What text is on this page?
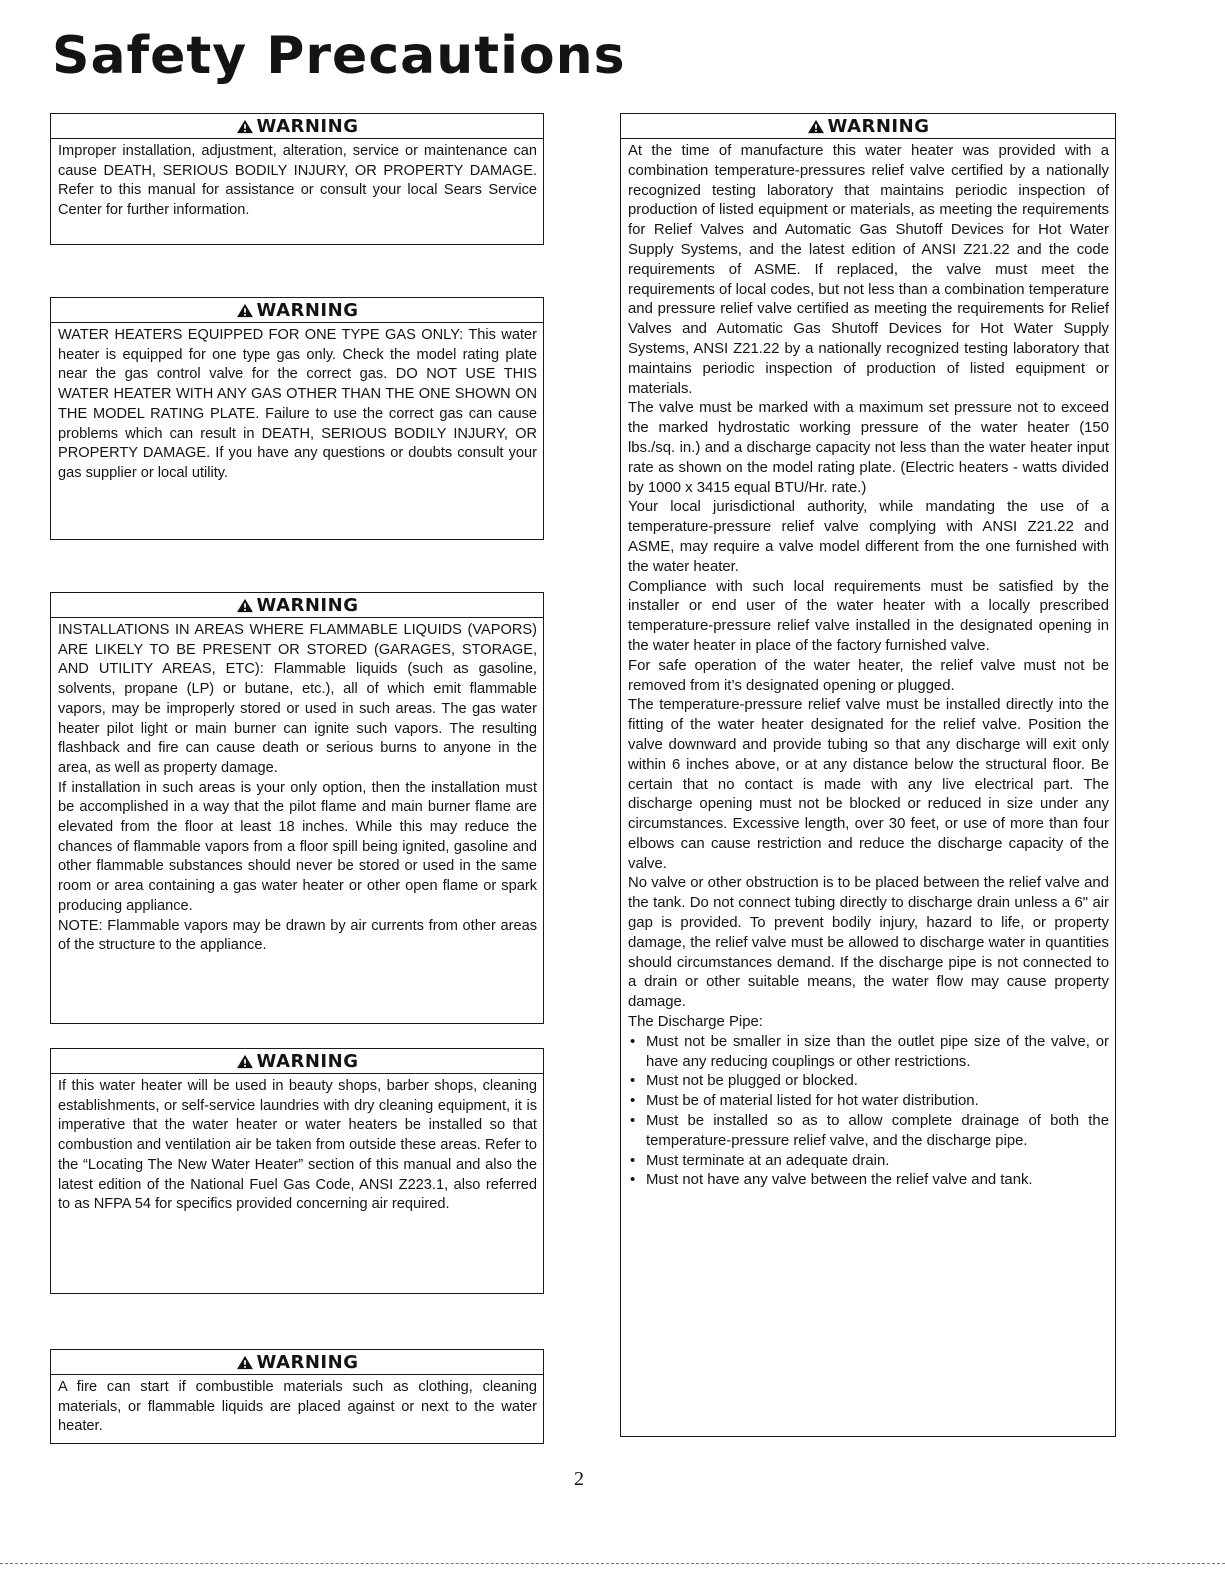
Safety Precautions
WARNING

Improper installation, adjustment, alteration, service or maintenance can cause DEATH, SERIOUS BODILY INJURY, OR PROPERTY DAMAGE. Refer to this manual for assistance or consult your local Sears Service Center for further information.

WARNING

WATER HEATERS EQUIPPED FOR ONE TYPE GAS ONLY: This water heater is equipped for one type gas only. Check the model rating plate near the gas control valve for the correct gas. DO NOT USE THIS WATER HEATER WITH ANY GAS OTHER THAN THE ONE SHOWN ON THE MODEL RATING PLATE. Failure to use the correct gas can cause problems which can result in DEATH, SERIOUS BODILY INJURY, OR PROPERTY DAMAGE. If you have any questions or doubts consult your gas supplier or local utility.

WARNING

INSTALLATIONS IN AREAS WHERE FLAMMABLE LIQUIDS (VAPORS) ARE LIKELY TO BE PRESENT OR STORED (GARAGES, STORAGE, AND UTILITY AREAS, ETC): Flammable liquids (such as gasoline, solvents, propane (LP) or butane, etc.), all of which emit flammable vapors, may be improperly stored or used in such areas. The gas water heater pilot light or main burner can ignite such vapors. The resulting flashback and fire can cause death or serious burns to anyone in the area, as well as property damage.
If installation in such areas is your only option, then the installation must be accomplished in a way that the pilot flame and main burner flame are elevated from the floor at least 18 inches. While this may reduce the chances of flammable vapors from a floor spill being ignited, gasoline and other flammable substances should never be stored or used in the same room or area containing a gas water heater or other open flame or spark producing appliance.
NOTE: Flammable vapors may be drawn by air currents from other areas of the structure to the appliance.

WARNING

If this water heater will be used in beauty shops, barber shops, cleaning establishments, or self-service laundries with dry cleaning equipment, it is imperative that the water heater or water heaters be installed so that combustion and ventilation air be taken from outside these areas. Refer to the “Locating The New Water Heater” section of this manual and also the latest edition of the National Fuel Gas Code, ANSI Z223.1, also referred to as NFPA 54 for specifics provided concerning air required.

WARNING

A fire can start if combustible materials such as clothing, cleaning materials, or flammable liquids are placed against or next to the water heater.

WARNING

At the time of manufacture this water heater was provided with a combination temperature-pressures relief valve certified by a nationally recognized testing laboratory that maintains periodic inspection of production of listed equipment or materials, as meeting the requirements for Relief Valves and Automatic Gas Shutoff Devices for Hot Water Supply Systems, and the latest edition of ANSI Z21.22 and the code requirements of ASME. If replaced, the valve must meet the requirements of local codes, but not less than a combination temperature and pressure relief valve certified as meeting the requirements for Relief Valves and Automatic Gas Shutoff Devices for Hot Water Supply Systems, ANSI Z21.22 by a nationally recognized testing laboratory that maintains periodic inspection of production of listed equipment or materials.

The valve must be marked with a maximum set pressure not to exceed the marked hydrostatic working pressure of the water heater (150 lbs./sq. in.) and a discharge capacity not less than the water heater input rate as shown on the model rating plate. (Electric heaters - watts divided by 1000 x 3415 equal BTU/Hr. rate.)

Your local jurisdictional authority, while mandating the use of a temperature-pressure relief valve complying with ANSI Z21.22 and ASME, may require a valve model different from the one furnished with the water heater.

Compliance with such local requirements must be satisfied by the installer or end user of the water heater with a locally prescribed temperature-pressure relief valve installed in the designated opening in the water heater in place of the factory furnished valve.

For safe operation of the water heater, the relief valve must not be removed from it’s designated opening or plugged.

The temperature-pressure relief valve must be installed directly into the fitting of the water heater designated for the relief valve. Position the valve downward and provide tubing so that any discharge will exit only within 6 inches above, or at any distance below the structural floor. Be certain that no contact is made with any live electrical part. The discharge opening must not be blocked or reduced in size under any circumstances. Excessive length, over 30 feet, or use of more than four elbows can cause restriction and reduce the discharge capacity of the valve.

No valve or other obstruction is to be placed between the relief valve and the tank. Do not connect tubing directly to discharge drain unless a 6" air gap is provided. To prevent bodily injury, hazard to life, or property damage, the relief valve must be allowed to discharge water in quantities should circumstances demand. If the discharge pipe is not connected to a drain or other suitable means, the water flow may cause property damage.

The Discharge Pipe:

• Must not be smaller in size than the outlet pipe size of the valve, or have any reducing couplings or other restrictions.
• Must not be plugged or blocked.
• Must be of material listed for hot water distribution.
• Must be installed so as to allow complete drainage of both the temperature-pressure relief valve, and the discharge pipe.
• Must terminate at an adequate drain.
• Must not have any valve between the relief valve and tank.
2
